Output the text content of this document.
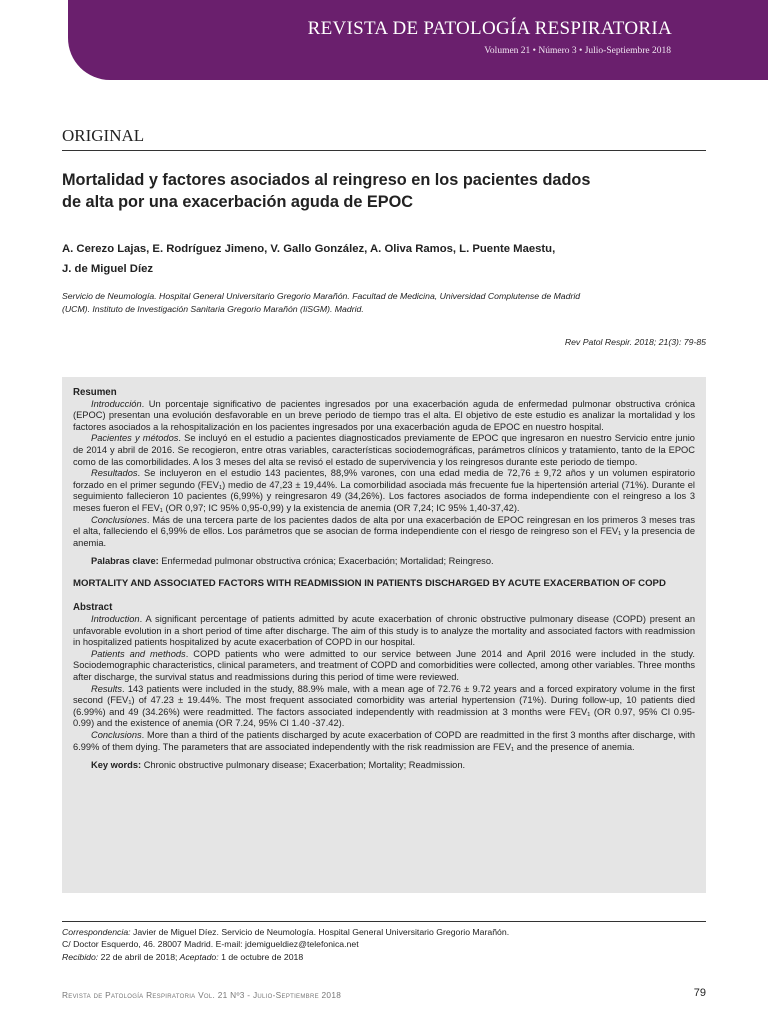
REVISTA DE PATOLOGÍA RESPIRATORIA
Volumen 21 • Número 3 • Julio-Septiembre 2018
ORIGINAL
Mortalidad y factores asociados al reingreso en los pacientes dados
de alta por una exacerbación aguda de EPOC
A. Cerezo Lajas, E. Rodríguez Jimeno, V. Gallo González, A. Oliva Ramos, L. Puente Maestu,
J. de Miguel Díez
Servicio de Neumología. Hospital General Universitario Gregorio Marañón. Facultad de Medicina, Universidad Complutense de Madrid
(UCM). Instituto de Investigación Sanitaria Gregorio Marañón (IiSGM). Madrid.
Rev Patol Respir. 2018; 21(3): 79-85

Resumen

Introducción. Un porcentaje significativo de pacientes ingresados por una exacerbación aguda de enfermedad pulmonar obstructiva crónica (EPOC) presentan una evolución desfavorable en un breve periodo de tiempo tras el alta. El objetivo de este estudio es analizar la mortalidad y los factores asociados a la rehospitalización en los pacientes ingresados por una exacerbación aguda de EPOC en nuestro hospital.

Pacientes y métodos. Se incluyó en el estudio a pacientes diagnosticados previamente de EPOC que ingresaron en nuestro Servicio entre junio de 2014 y abril de 2016. Se recogieron, entre otras variables, características sociodemográficas, parámetros clínicos y tratamiento, tanto de la EPOC como de las comorbilidades. A los 3 meses del alta se revisó el estado de supervivencia y los reingresos durante este periodo de tiempo.

Resultados. Se incluyeron en el estudio 143 pacientes, 88,9% varones, con una edad media de 72,76 ± 9,72 años y un volumen espiratorio forzado en el primer segundo (FEV₁) medio de 47,23 ± 19,44%. La comorbilidad asociada más frecuente fue la hipertensión arterial (71%). Durante el seguimiento fallecieron 10 pacientes (6,99%) y reingresaron 49 (34,26%). Los factores asociados de forma independiente con el reingreso a los 3 meses fueron el FEV₁ (OR 0,97; IC 95% 0,95-0,99) y la existencia de anemia (OR 7,24; IC 95% 1,40-37,42).

Conclusiones. Más de una tercera parte de los pacientes dados de alta por una exacerbación de EPOC reingresan en los primeros 3 meses tras el alta, falleciendo el 6,99% de ellos. Los parámetros que se asocian de forma independiente con el riesgo de reingreso son el FEV₁ y la presencia de anemia.

Palabras clave: Enfermedad pulmonar obstructiva crónica; Exacerbación; Mortalidad; Reingreso.

MORTALITY AND ASSOCIATED FACTORS WITH READMISSION IN PATIENTS DISCHARGED BY ACUTE EXACERBATION OF COPD

Abstract

Introduction. A significant percentage of patients admitted by acute exacerbation of chronic obstructive pulmonary disease (COPD) present an unfavorable evolution in a short period of time after discharge. The aim of this study is to analyze the mortality and associated factors with readmission in hospitalized patients hospitalized by acute exacerbation of COPD in our hospital.

Patients and methods. COPD patients who were admitted to our service between June 2014 and April 2016 were included in the study. Sociodemographic characteristics, clinical parameters, and treatment of COPD and comorbidities were collected, among other variables. Three months after discharge, the survival status and readmissions during this period of time were reviewed.

Results. 143 patients were included in the study, 88.9% male, with a mean age of 72.76 ± 9.72 years and a forced expiratory volume in the first second (FEV₁) of 47.23 ± 19.44%. The most frequent associated comorbidity was arterial hypertension (71%). During follow-up, 10 patients died (6.99%) and 49 (34.26%) were readmitted. The factors associated independently with readmission at 3 months were FEV₁ (OR 0.97, 95% CI 0.95-0.99) and the existence of anemia (OR 7.24, 95% CI 1.40 -37.42).

Conclusions. More than a third of the patients discharged by acute exacerbation of COPD are readmitted in the first 3 months after discharge, with 6.99% of them dying. The parameters that are associated independently with the risk readmission are FEV₁ and the presence of anemia.

Key words: Chronic obstructive pulmonary disease; Exacerbation; Mortality; Readmission.

Correspondencia: Javier de Miguel Díez. Servicio de Neumología. Hospital General Universitario Gregorio Marañón.
C/ Doctor Esquerdo, 46. 28007 Madrid. E-mail: jdemigueldiez@telefonica.net
Recibido: 22 de abril de 2018; Aceptado: 1 de octubre de 2018
Revista de Patología Respiratoria Vol. 21 Nº3 - Julio-Septiembre 2018	79
